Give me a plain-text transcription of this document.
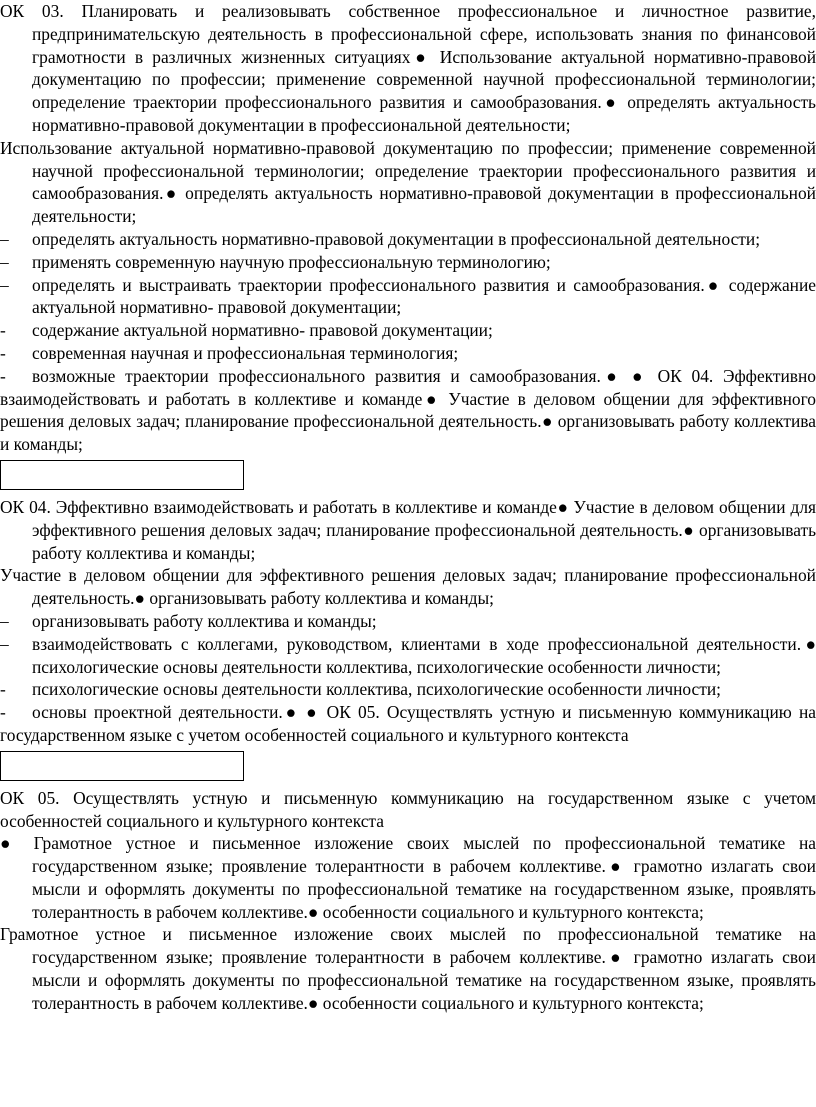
ОК 03. Планировать и реализовывать собственное профессиональное и личностное развитие, предпринимательскую деятельность в профессиональной сфере, использовать знания по финансовой грамотности в различных жизненных ситуациях● Использование актуальной нормативно-правовой документацию по профессии; применение современной научной профессиональной терминологии; определение траектории профессионального развития и самообразования.● определять актуальность нормативно-правовой документации в профессиональной деятельности;

Использование актуальной нормативно-правовой документацию по профессии; применение современной научной профессиональной терминологии; определение траектории профессионального развития и самообразования.● определять актуальность нормативно-правовой документации в профессиональной деятельности;

–	определять актуальность нормативно-правовой документации в профессиональной деятельности;

–	применять современную научную профессиональную терминологию;

–	определять и выстраивать траектории профессионального развития и самообразования.● содержание актуальной нормативно- правовой документации;

-	содержание актуальной нормативно- правовой документации;

-	современная научная и профессиональная терминология;

- возможные траектории профессионального развития и самообразования.● ● ОК 04. Эффективно взаимодействовать и работать в коллективе и команде● Участие в деловом общении для эффективного решения деловых задач; планирование профессиональной деятельность.● организовывать работу коллектива и команды;

ОК 04. Эффективно взаимодействовать и работать в коллективе и команде● Участие в деловом общении для эффективного решения деловых задач; планирование профессиональной деятельность.● организовывать работу коллектива и команды;

Участие в деловом общении для эффективного решения деловых задач; планирование профессиональной деятельность.● организовывать работу коллектива и команды;

–	организовывать работу коллектива и команды;

–	взаимодействовать с коллегами, руководством, клиентами в ходе профессиональной деятельности.● психологические основы деятельности коллектива, психологические особенности личности;

-	психологические основы деятельности коллектива, психологические особенности личности;

- основы проектной деятельности.● ● ОК 05. Осуществлять устную и письменную коммуникацию на государственном языке с учетом особенностей социального и культурного контекста

ОК 05. Осуществлять устную и письменную коммуникацию на государственном языке с учетом особенностей социального и культурного контекста

● Грамотное устное и письменное изложение своих мыслей по профессиональной тематике на государственном языке; проявление толерантности в рабочем коллективе.● грамотно излагать свои мысли и оформлять документы по профессиональной тематике на государственном языке, проявлять толерантность в рабочем коллективе.● особенности социального и культурного контекста;

Грамотное устное и письменное изложение своих мыслей по профессиональной тематике на государственном языке; проявление толерантности в рабочем коллективе.● грамотно излагать свои мысли и оформлять документы по профессиональной тематике на государственном языке, проявлять толерантность в рабочем коллективе.● особенности социального и культурного контекста;
